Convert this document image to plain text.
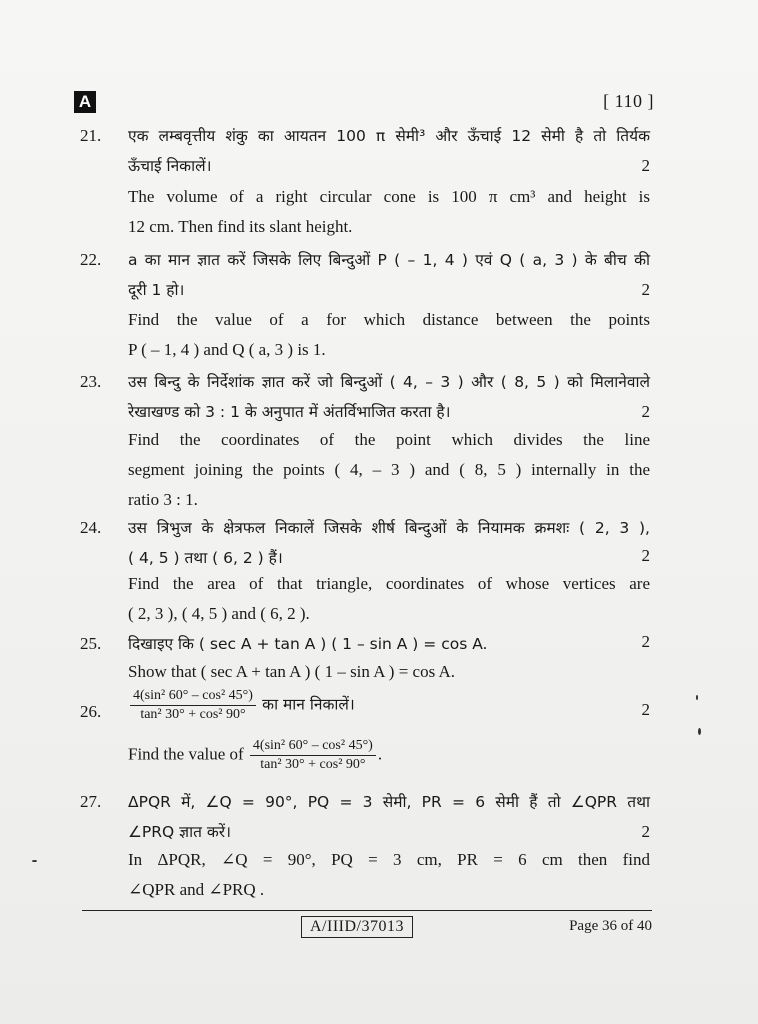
A	[ 110 ]
21. एक लम्बवृत्तीय शंकु का आयतन 100 π सेमी³ और ऊँचाई 12 सेमी है तो तिर्यक
ऊँचाई निकालें।	2
The volume of a right circular cone is 100 π cm³ and height is
12 cm. Then find its slant height.
22. a का मान ज्ञात करें जिसके लिए बिन्दुओं P ( – 1, 4 ) एवं Q ( a, 3 ) के बीच की
दूरी 1 हो।	2
Find the value of a for which distance between the points
P ( – 1, 4 ) and Q ( a, 3 ) is 1.
23. उस बिन्दु के निर्देशांक ज्ञात करें जो बिन्दुओं ( 4, – 3 ) और ( 8, 5 ) को मिलानेवाले
रेखाखण्ड को 3 : 1 के अनुपात में अंतर्विभाजित करता है।	2
Find the coordinates of the point which divides the line
segment joining the points ( 4, – 3 ) and ( 8, 5 ) internally in the
ratio 3 : 1.
24. उस त्रिभुज के क्षेत्रफल निकालें जिसके शीर्ष बिन्दुओं के नियामक क्रमशः ( 2, 3 ),
( 4, 5 ) तथा ( 6, 2 ) हैं।	2
Find the area of that triangle, coordinates of whose vertices are
( 2, 3 ), ( 4, 5 ) and ( 6, 2 ).
25. दिखाइए कि ( sec A + tan A ) ( 1 – sin A ) = cos A.	2
Show that ( sec A + tan A ) ( 1 – sin A ) = cos A.
26. $\frac{\text{4(sin² 60° – cos² 45°)}}{\text{tan² 30° + cos² 90°}}$ का मान निकालें।	2
Find the value of $\frac{\text{4(sin² 60° – cos² 45°)}}{\text{tan² 30° + cos² 90°}}$ .
27. ΔPQR में, ∠Q = 90°, PQ = 3 सेमी, PR = 6 सेमी हैं तो ∠QPR तथा
∠PRQ ज्ञात करें।	2
In ΔPQR, ∠Q = 90°, PQ = 3 cm, PR = 6 cm then find
∠QPR and ∠PRQ .
A/IIID/37013	Page 36 of 40
